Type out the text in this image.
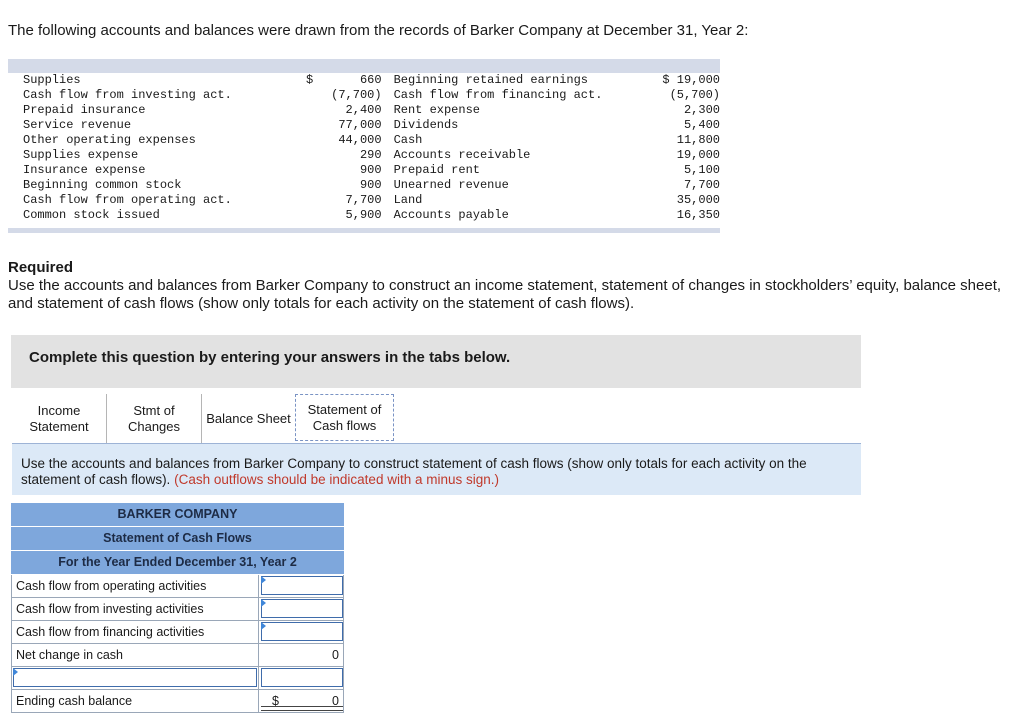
The following accounts and balances were drawn from the records of Barker Company at December 31, Year 2:
Supplies	$	660	Beginning retained earnings	$ 19,000
Cash flow from investing act.		(7,700)	Cash flow from financing act.	(5,700)
Prepaid insurance		2,400	Rent expense	2,300
Service revenue		77,000	Dividends	5,400
Other operating expenses		44,000	Cash	11,800
Supplies expense		290	Accounts receivable	19,000
Insurance expense		900	Prepaid rent	5,100
Beginning common stock		900	Unearned revenue	7,700
Cash flow from operating act.		7,700	Land	35,000
Common stock issued		5,900	Accounts payable	16,350
Required
Use the accounts and balances from Barker Company to construct an income statement, statement of changes in stockholders’ equity, balance sheet, and statement of cash flows (show only totals for each activity on the statement of cash flows).
Complete this question by entering your answers in the tabs below.
Income
Statement
Stmt of
Changes
Balance Sheet
Statement of
Cash flows
Use the accounts and balances from Barker Company to construct statement of cash flows (show only totals for each activity on the statement of cash flows). (Cash outflows should be indicated with a minus sign.)
BARKER COMPANY
Statement of Cash Flows
For the Year Ended December 31, Year 2
Cash flow from operating activities
Cash flow from investing activities
Cash flow from financing activities
Net change in cash	0
Ending cash balance	$	0
